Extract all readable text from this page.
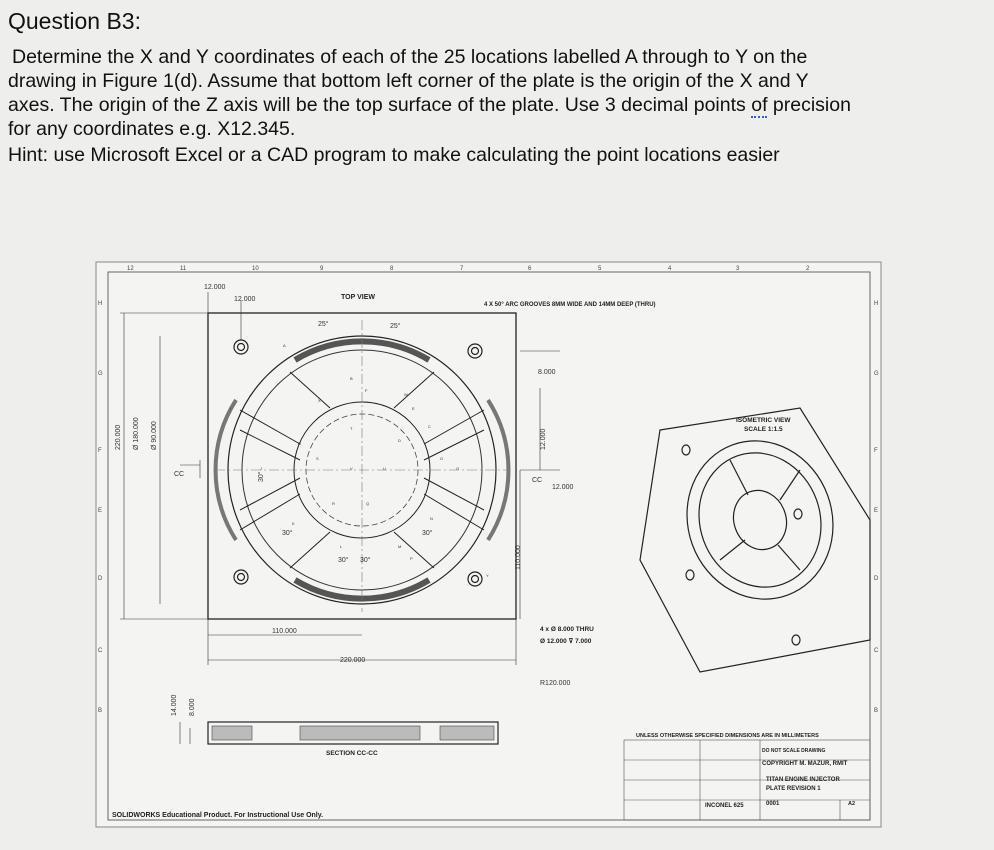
Question B3:
Determine the X and Y coordinates of each of the 25 locations labelled A through to Y on the
drawing in Figure 1(d). Assume that bottom left corner of the plate is the origin of the X and Y
axes. The origin of the Z axis will be the top surface of the plate. Use 3 decimal points of precision
for any coordinates e.g. X12.345.
Hint: use Microsoft Excel or a CAD program to make calculating the point locations easier
12	11	10	9	8	7	6	5	4	3	2
H	H
G	G
F	F
E	E
D	D
C	C
B	B
TOP VIEW
4 X 50° ARC GROOVES 8MM WIDE AND 14MM DEEP (THRU)
12.000
12.000
25°	25°
8.000
12.000
12.000
110.000
110.000
220.000
220.000 Ø 180.000 Ø 90.000
30°
30°	30°
30° 30°
R120.000
14.000 8.000
CC
CC
4 x Ø 8.000 THRU
Ø 12.000 ⊽ 7.000
SECTION CC-CC
ISOMETRIC VIEW
SCALE 1:1.5
UNLESS OTHERWISE SPECIFIED DIMENSIONS ARE IN MILLIMETERS
DO NOT SCALE DRAWING
COPYRIGHT M. MAZUR, RMIT
TITAN ENGINE INJECTOR
PLATE REVISION 1
INCONEL 625	0001	A2
SOLIDWORKS Educational Product. For Instructional Use Only.
A
B
C
D
E
F
G
H
I
J
K
L	M
N
O
P
Q
R
S
T
U
V
W
X
Y
